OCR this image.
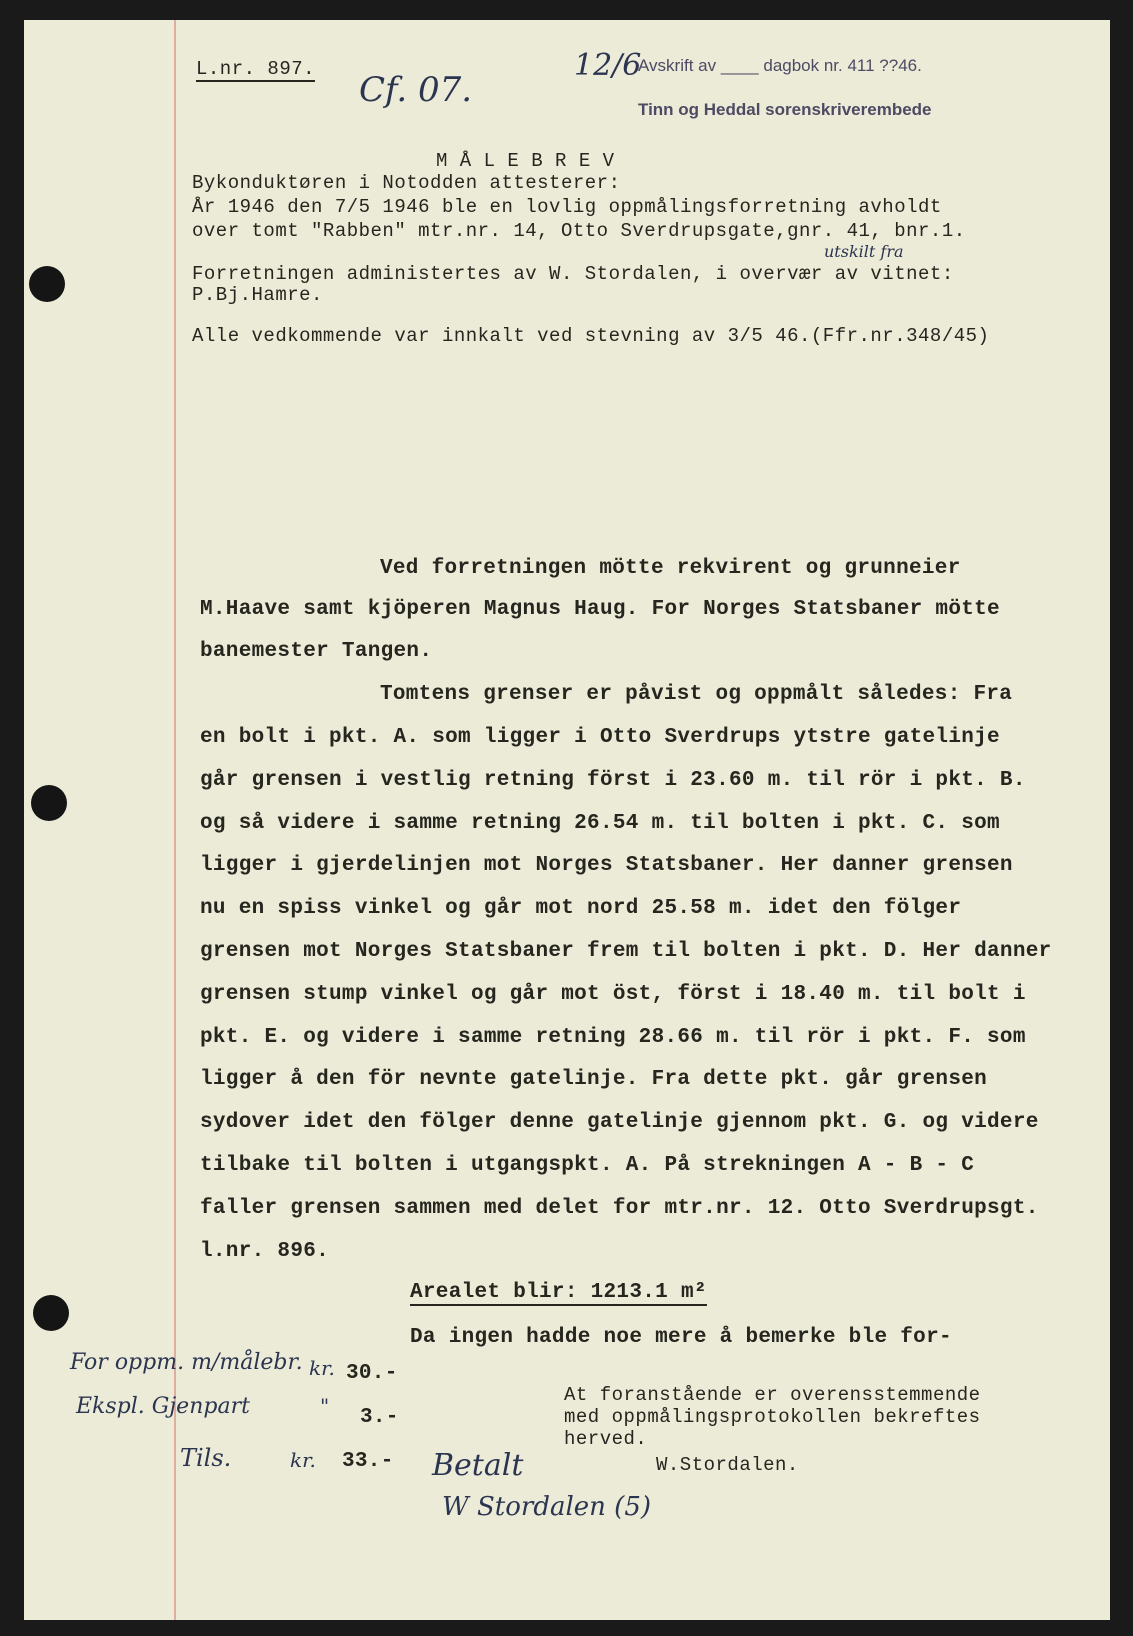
L.nr. 897.
Cf. 07.
12/6
Avskrift av ____ dagbok nr. 411 ??46.
Tinn og Heddal sorenskriverembede
M Å L E B R E V
Bykonduktøren i Notodden attesterer:
År 1946 den 7/5 1946 ble en lovlig oppmålingsforretning avholdt
over tomt "Rabben" mtr.nr. 14, Otto Sverdrupsgate,gnr. 41, bnr.1.
utskilt fra
Forretningen administertes av W. Stordalen, i overvær av vitnet:
P.Bj.Hamre.
Alle vedkommende var innkalt ved stevning av 3/5 46.(Ffr.nr.348/45)
Ved forretningen mötte rekvirent og grunneier
M.Haave samt kjöperen Magnus Haug. For Norges Statsbaner mötte
banemester Tangen.
Tomtens grenser er påvist og oppmålt således: Fra
en bolt i pkt. A. som ligger i Otto Sverdrups ytstre gatelinje
går grensen i vestlig retning först i 23.60 m. til rör i pkt. B.
og så videre i samme retning 26.54 m. til bolten i pkt. C. som
ligger i gjerdelinjen mot Norges Statsbaner. Her danner grensen
nu en spiss vinkel og går mot nord 25.58 m. idet den fölger
grensen mot Norges Statsbaner frem til bolten i pkt. D. Her danner
grensen stump vinkel og går mot öst, först i 18.40 m. til bolt i
pkt. E. og videre i samme retning 28.66 m. til rör i pkt. F. som
ligger å den för nevnte gatelinje. Fra dette pkt. går grensen
sydover idet den fölger denne gatelinje gjennom pkt. G. og videre
tilbake til bolten i utgangspkt. A. På strekningen A - B - C
faller grensen sammen med delet for mtr.nr. 12. Otto Sverdrupsgt.
l.nr. 896.
Arealet blir: 1213.1 m²
Da ingen hadde noe mere å bemerke ble for-
For oppm. m/målebr. kr. 30.-
Ekspl. Gjenpart	" 3.-
Tils.	kr. 33.-
At foranstående er overensstemmende
med oppmålingsprotokollen bekreftes
herved.
W.Stordalen.
Betalt
W Stordalen (5)
